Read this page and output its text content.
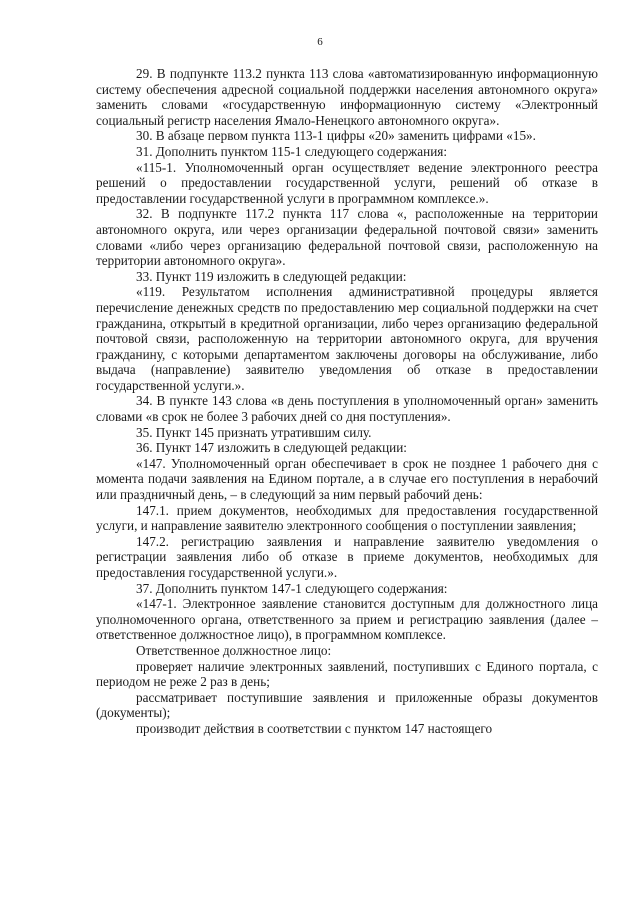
6

29. В подпункте 113.2 пункта 113 слова «автоматизированную информационную систему обеспечения адресной социальной поддержки населения автономного округа» заменить словами «государственную информационную систему «Электронный социальный регистр населения Ямало-Ненецкого автономного округа».

30. В абзаце первом пункта 113-1 цифры «20» заменить цифрами «15».

31. Дополнить пунктом 115-1 следующего содержания:

«115-1. Уполномоченный орган осуществляет ведение электронного реестра решений о предоставлении государственной услуги, решений об отказе в предоставлении государственной услуги в программном комплексе.».

32. В подпункте 117.2 пункта 117 слова «, расположенные на территории автономного округа, или через организации федеральной почтовой связи» заменить словами «либо через организацию федеральной почтовой связи, расположенную на территории автономного округа».

33. Пункт 119 изложить в следующей редакции:

«119. Результатом исполнения административной процедуры является перечисление денежных средств по предоставлению мер социальной поддержки на счет гражданина, открытый в кредитной организации, либо через организацию федеральной почтовой связи, расположенную на территории автономного округа, для вручения гражданину, с которыми департаментом заключены договоры на обслуживание, либо выдача (направление) заявителю уведомления об отказе в предоставлении государственной услуги.».

34. В пункте 143 слова «в день поступления в уполномоченный орган» заменить словами «в срок не более 3 рабочих дней со дня поступления».

35. Пункт 145 признать утратившим силу.

36. Пункт 147 изложить в следующей редакции:

«147. Уполномоченный орган обеспечивает в срок не позднее 1 рабочего дня с момента подачи заявления на Едином портале, а в случае его поступления в нерабочий или праздничный день, – в следующий за ним первый рабочий день:

147.1. прием документов, необходимых для предоставления государственной услуги, и направление заявителю электронного сообщения о поступлении заявления;

147.2. регистрацию заявления и направление заявителю уведомления о регистрации заявления либо об отказе в приеме документов, необходимых для предоставления государственной услуги.».

37. Дополнить пунктом 147-1 следующего содержания:

«147-1. Электронное заявление становится доступным для должностного лица уполномоченного органа, ответственного за прием и регистрацию заявления (далее – ответственное должностное лицо), в программном комплексе.

Ответственное должностное лицо:

проверяет наличие электронных заявлений, поступивших с Единого портала, с периодом не реже 2 раз в день;

рассматривает поступившие заявления и приложенные образы документов (документы);

производит действия в соответствии с пунктом 147 настоящего
